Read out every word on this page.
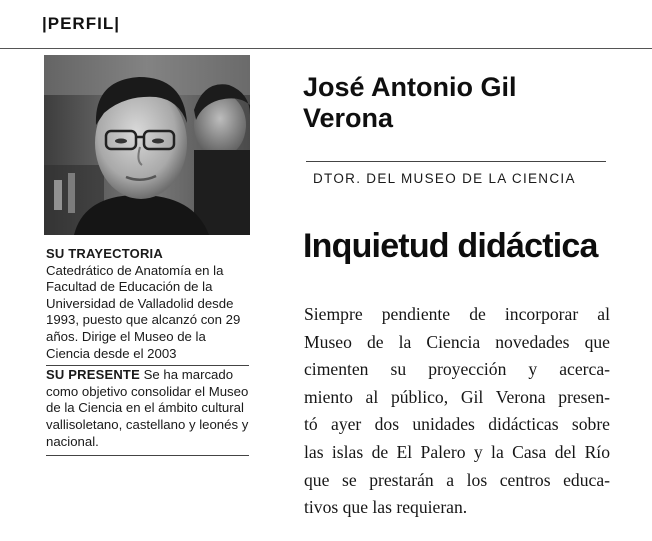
|PERFIL|
SU TRAYECTORIA
Catedrático de Anatomía en la Facultad de Educación de la Universidad de Valladolid desde 1993, puesto que alcanzó con 29 años. Dirige el Museo de la Ciencia desde el 2003
SU PRESENTE Se ha marcado como objetivo consolidar el Museo de la Ciencia en el ámbito cultural vallisoletano, castellano y leonés y nacional.
José Antonio Gil
Verona
DTOR. DEL MUSEO DE LA CIENCIA
Inquietud didáctica
Siempre pendiente de incorporar al
Museo de la Ciencia novedades que
cimenten su proyección y acerca-
miento al público, Gil Verona presen-
tó ayer dos unidades didácticas sobre
las islas de El Palero y la Casa del Río
que se prestarán a los centros educa-
tivos que las requieran.
